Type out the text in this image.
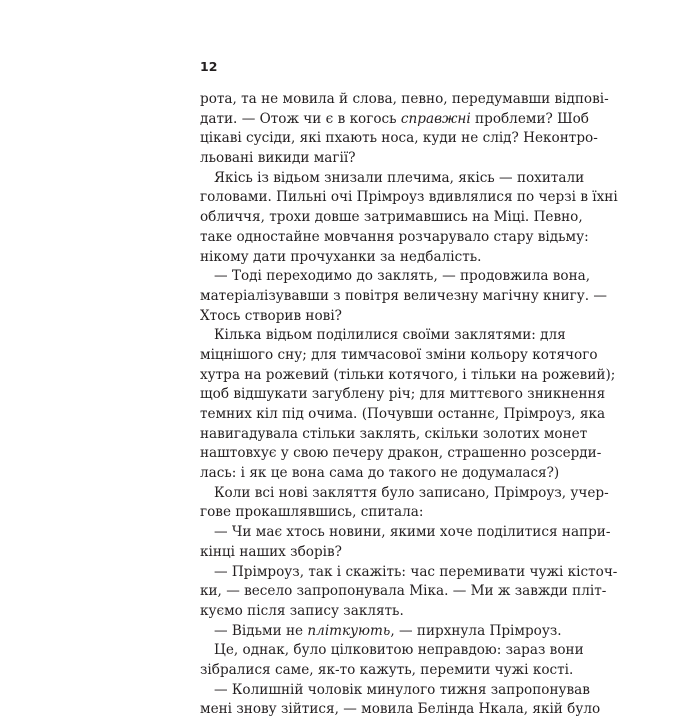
12
рота, та не мовила й слова, певно, передумавши відпові-
дати. — Отож чи є в когось справжні проблеми? Шоб
цікаві сусіди, які пхають носа, куди не слід? Неконтро-
льовані викиди магії?
Якісь із відьом знизали плечима, якісь — похитали
головами. Пильні очі Прімроуз вдивлялися по черзі в їхні
обличчя, трохи довше затримавшись на Міці. Певно,
таке одностайне мовчання розчарувало стару відьму:
нікому дати прочуханки за недбалість.
— Тоді переходимо до заклять, — продовжила вона,
матеріалізувавши з повітря величезну магічну книгу. —
Хтось створив нові?
Кілька відьом поділилися своїми заклятями: для
міцнішого сну; для тимчасової зміни кольору котячого
хутра на рожевий (тільки котячого, і тільки на рожевий);
щоб відшукати загублену річ; для миттєвого зникнення
темних кіл під очима. (Почувши останнє, Прімроуз, яка
навигадувала стільки заклять, скільки золотих монет
наштовхує у свою печеру дракон, страшенно розсерди-
лась: і як це вона сама до такого не додумалася?)
Коли всі нові закляття було записано, Прімроуз, учер-
гове прокашлявшись, спитала:
— Чи має хтось новини, якими хоче поділитися напри-
кінці наших зборів?
— Прімроуз, так і скажіть: час перемивати чужі кісточ-
ки, — весело запропонувала Міка. — Ми ж завжди пліт-
куємо після запису заклять.
— Відьми не пліткують, — пирхнула Прімроуз.
Це, однак, було цілковитою неправдою: зараз вони
зібралися саме, як-то кажуть, перемити чужі кості.
— Колишній чоловік минулого тижня запропонував
мені знову зійтися, — мовила Белінда Нкала, якій було
